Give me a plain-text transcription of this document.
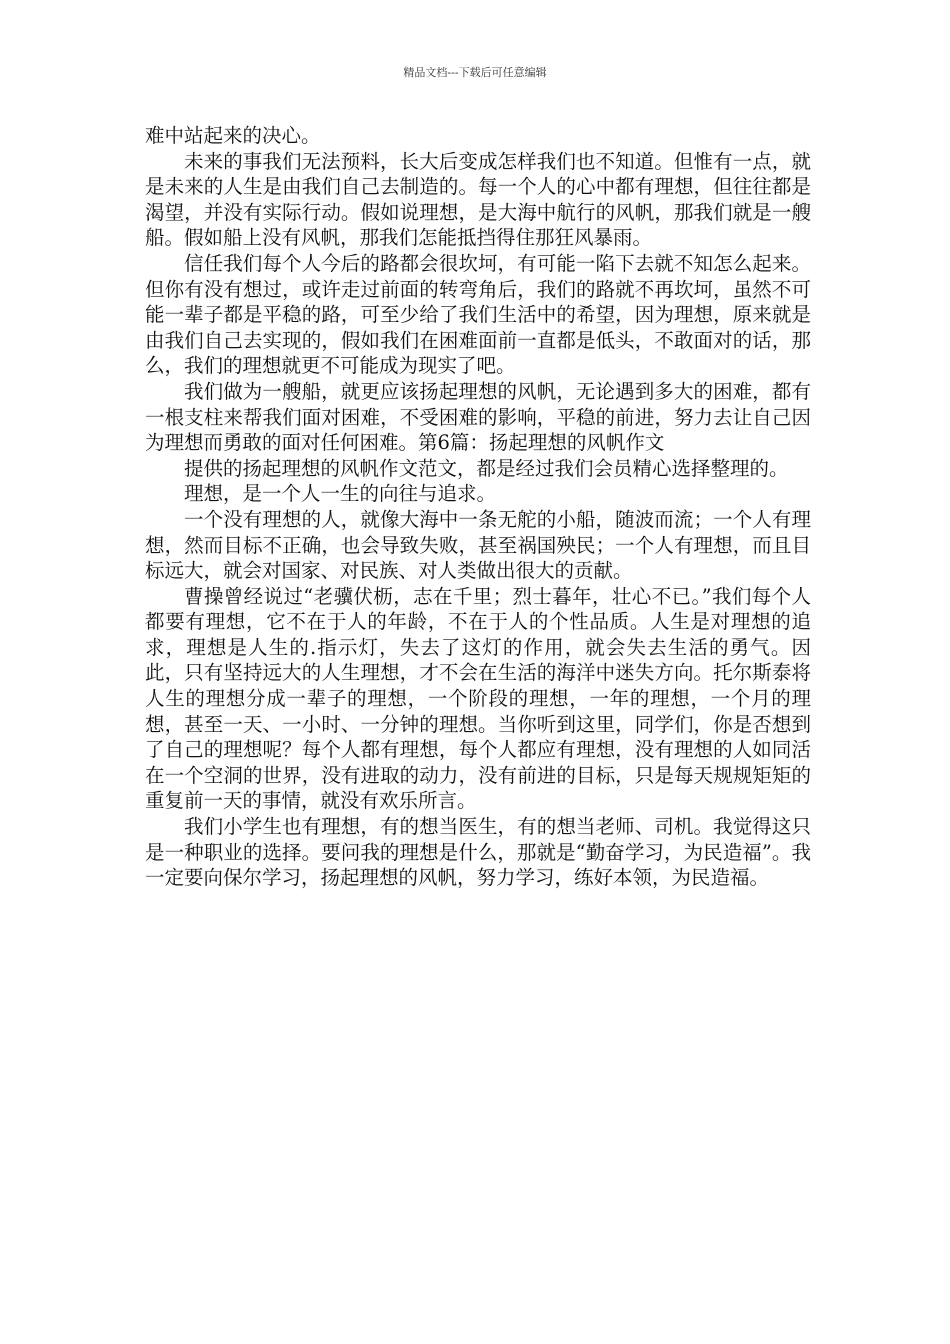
精品文档---下载后可任意编辑

难中站起来的决心。

未来的事我们无法预料，长大后变成怎样我们也不知道。但惟有一点，就是未来的人生是由我们自己去制造的。每一个人的心中都有理想，但往往都是渴望，并没有实际行动。假如说理想，是大海中航行的风帆，那我们就是一艘船。假如船上没有风帆，那我们怎能抵挡得住那狂风暴雨。

信任我们每个人今后的路都会很坎坷，有可能一陷下去就不知怎么起来。但你有没有想过，或许走过前面的转弯角后，我们的路就不再坎坷，虽然不可能一辈子都是平稳的路，可至少给了我们生活中的希望，因为理想，原来就是由我们自己去实现的，假如我们在困难面前一直都是低头，不敢面对的话，那么，我们的理想就更不可能成为现实了吧。

我们做为一艘船，就更应该扬起理想的风帆，无论遇到多大的困难，都有一根支柱来帮我们面对困难，不受困难的影响，平稳的前进，努力去让自己因为理想而勇敢的面对任何困难。第6篇：扬起理想的风帆作文

提供的扬起理想的风帆作文范文，都是经过我们会员精心选择整理的。

理想，是一个人一生的向往与追求。

一个没有理想的人，就像大海中一条无舵的小船，随波而流；一个人有理想，然而目标不正确，也会导致失败，甚至祸国殃民；一个人有理想，而且目标远大，就会对国家、对民族、对人类做出很大的贡献。

曹操曾经说过“老骥伏枥，志在千里；烈士暮年，壮心不已。”我们每个人都要有理想，它不在于人的年龄，不在于人的个性品质。人生是对理想的追求，理想是人生的.指示灯，失去了这灯的作用，就会失去生活的勇气。因此，只有坚持远大的人生理想，才不会在生活的海洋中迷失方向。托尔斯泰将人生的理想分成一辈子的理想，一个阶段的理想，一年的理想，一个月的理想，甚至一天、一小时、一分钟的理想。当你听到这里，同学们，你是否想到了自己的理想呢？每个人都有理想，每个人都应有理想，没有理想的人如同活在一个空洞的世界，没有进取的动力，没有前进的目标，只是每天规规矩矩的重复前一天的事情，就没有欢乐所言。

我们小学生也有理想，有的想当医生，有的想当老师、司机。我觉得这只是一种职业的选择。要问我的理想是什么，那就是“勤奋学习，为民造福”。我一定要向保尔学习，扬起理想的风帆，努力学习，练好本领，为民造福。
